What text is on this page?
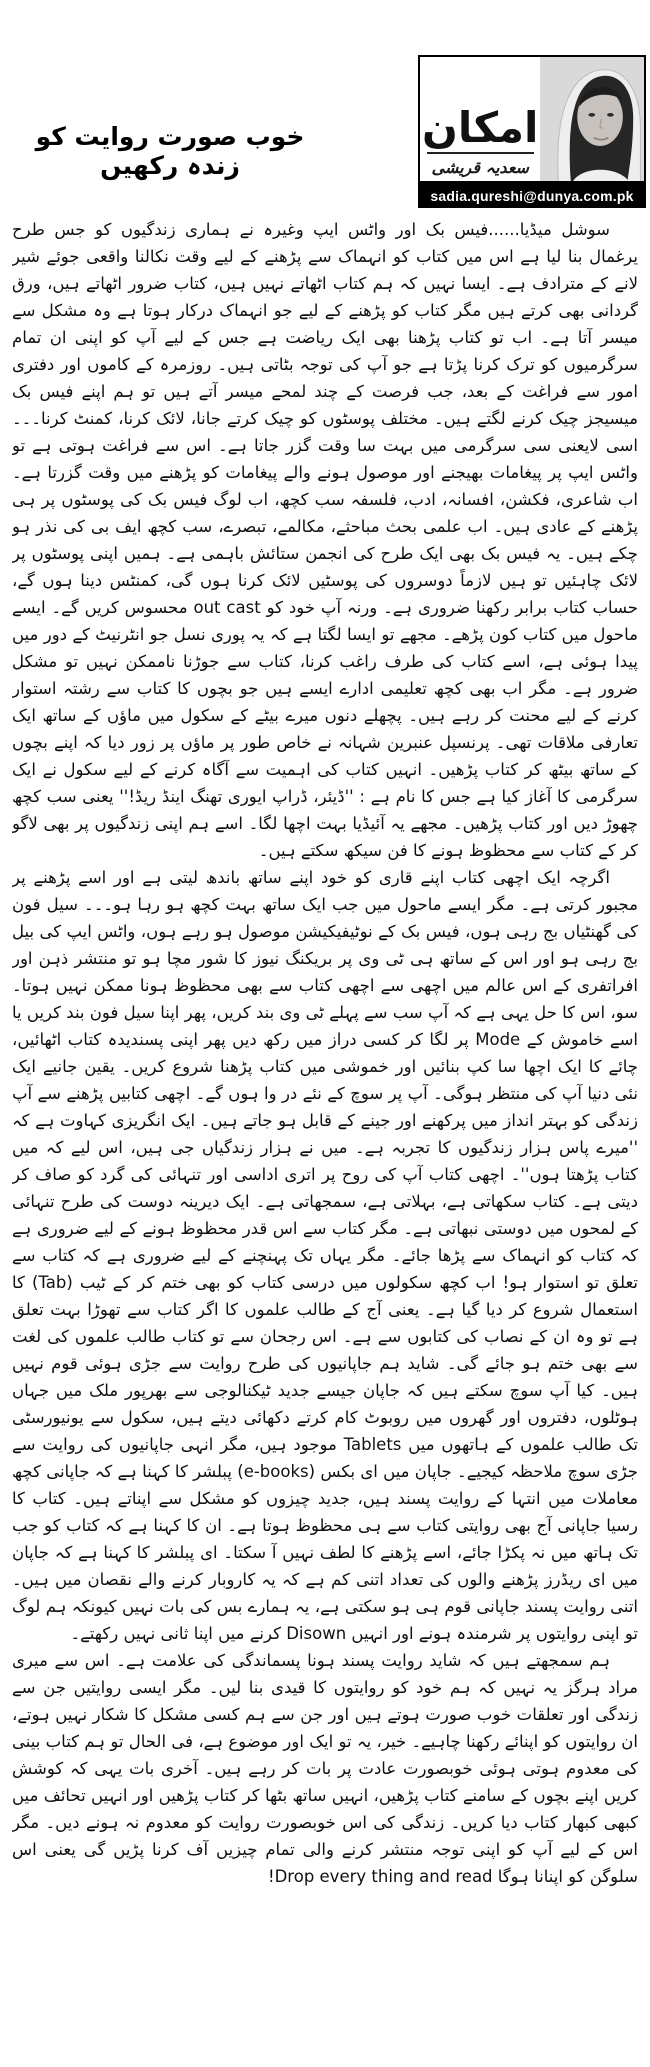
خوب صورت روایت کو زندہ رکھیں
امکان
سعدیہ قریشی
sadia.qureshi@dunya.com.pk

سوشل میڈیا......فیس بک اور واٹس ایپ وغیرہ نے ہماری زندگیوں کو جس طرح یرغمال بنا لیا ہے اس میں کتاب کو انہماک سے پڑھنے کے لیے وقت نکالنا واقعی جوئے شیر لانے کے مترادف ہے۔ ایسا نہیں کہ ہم کتاب اٹھاتے نہیں ہیں، کتاب ضرور اٹھاتے ہیں، ورق گردانی بھی کرتے ہیں مگر کتاب کو پڑھنے کے لیے جو انہماک درکار ہوتا ہے وہ مشکل سے میسر آتا ہے۔ اب تو کتاب پڑھنا بھی ایک ریاضت ہے جس کے لیے آپ کو اپنی ان تمام سرگرمیوں کو ترک کرنا پڑتا ہے جو آپ کی توجہ بٹاتی ہیں۔ روزمرہ کے کاموں اور دفتری امور سے فراغت کے بعد، جب فرصت کے چند لمحے میسر آتے ہیں تو ہم اپنے فیس بک میسیجز چیک کرنے لگتے ہیں۔ مختلف پوسٹوں کو چیک کرتے جانا، لائک کرنا، کمنٹ کرنا۔۔۔ اسی لایعنی سی سرگرمی میں بہت سا وقت گزر جاتا ہے۔ اس سے فراغت ہوتی ہے تو واٹس ایپ پر پیغامات بھیجنے اور موصول ہونے والے پیغامات کو پڑھنے میں وقت گزرتا ہے۔ اب شاعری، فکشن، افسانہ، ادب، فلسفہ سب کچھ، اب لوگ فیس بک کی پوسٹوں پر ہی پڑھنے کے عادی ہیں۔ اب علمی بحث مباحثے، مکالمے، تبصرے، سب کچھ ایف بی کی نذر ہو چکے ہیں۔ یہ فیس بک بھی ایک طرح کی انجمن ستائش باہمی ہے۔ ہمیں اپنی پوسٹوں پر لائک چاہئیں تو ہیں لازماً دوسروں کی پوسٹیں لائک کرنا ہوں گی، کمنٹس دینا ہوں گے، حساب کتاب برابر رکھنا ضروری ہے۔ ورنہ آپ خود کو out cast محسوس کریں گے۔ ایسے ماحول میں کتاب کون پڑھے۔ مجھے تو ایسا لگتا ہے کہ یہ پوری نسل جو انٹرنیٹ کے دور میں پیدا ہوئی ہے، اسے کتاب کی طرف راغب کرنا، کتاب سے جوڑنا ناممکن نہیں تو مشکل ضرور ہے۔ مگر اب بھی کچھ تعلیمی ادارے ایسے ہیں جو بچوں کا کتاب سے رشتہ استوار کرنے کے لیے محنت کر رہے ہیں۔ پچھلے دنوں میرے بیٹے کے سکول میں ماؤں کے ساتھ ایک تعارفی ملاقات تھی۔ پرنسپل عنبرین شہانہ نے خاص طور پر ماؤں پر زور دیا کہ اپنے بچوں کے ساتھ بیٹھ کر کتاب پڑھیں۔ انہیں کتاب کی اہمیت سے آگاہ کرنے کے لیے سکول نے ایک سرگرمی کا آغاز کیا ہے جس کا نام ہے : ''ڈیئر، ڈراپ ایوری تھنگ اینڈ ریڈ!'' یعنی سب کچھ چھوڑ دیں اور کتاب پڑھیں۔ مجھے یہ آئیڈیا بہت اچھا لگا۔ اسے ہم اپنی زندگیوں پر بھی لاگو کر کے کتاب سے محظوظ ہونے کا فن سیکھ سکتے ہیں۔

اگرچہ ایک اچھی کتاب اپنے قاری کو خود اپنے ساتھ باندھ لیتی ہے اور اسے پڑھنے پر مجبور کرتی ہے۔ مگر ایسے ماحول میں جب ایک ساتھ بہت کچھ ہو رہا ہو۔۔۔ سیل فون کی گھنٹیاں بج رہی ہوں، فیس بک کے نوٹیفیکیشن موصول ہو رہے ہوں، واٹس ایپ کی بیل بج رہی ہو اور اس کے ساتھ ہی ٹی وی پر بریکنگ نیوز کا شور مچا ہو تو منتشر ذہن اور افراتفری کے اس عالم میں اچھی سے اچھی کتاب سے بھی محظوظ ہونا ممکن نہیں ہوتا۔ سو، اس کا حل یہی ہے کہ آپ سب سے پہلے ٹی وی بند کریں، پھر اپنا سیل فون بند کریں یا اسے خاموش کے Mode پر لگا کر کسی دراز میں رکھ دیں پھر اپنی پسندیدہ کتاب اٹھائیں، چائے کا ایک اچھا سا کپ بنائیں اور خموشی میں کتاب پڑھنا شروع کریں۔ یقین جانیے ایک نئی دنیا آپ کی منتظر ہوگی۔ آپ پر سوچ کے نئے در وا ہوں گے۔ اچھی کتابیں پڑھنے سے آپ زندگی کو بہتر انداز میں پرکھنے اور جینے کے قابل ہو جاتے ہیں۔ ایک انگریزی کہاوت ہے کہ ''میرے پاس ہزار زندگیوں کا تجربہ ہے۔ میں نے ہزار زندگیاں جی ہیں، اس لیے کہ میں کتاب پڑھتا ہوں''۔ اچھی کتاب آپ کی روح پر اتری اداسی اور تنہائی کی گرد کو صاف کر دیتی ہے۔ کتاب سکھاتی ہے، بہلاتی ہے، سمجھاتی ہے۔ ایک دیرینہ دوست کی طرح تنہائی کے لمحوں میں دوستی نبھاتی ہے۔ مگر کتاب سے اس قدر محظوظ ہونے کے لیے ضروری ہے کہ کتاب کو انہماک سے پڑھا جائے۔ مگر یہاں تک پہنچنے کے لیے ضروری ہے کہ کتاب سے تعلق تو استوار ہو! اب کچھ سکولوں میں درسی کتاب کو بھی ختم کر کے ٹیب (Tab) کا استعمال شروع کر دیا گیا ہے۔ یعنی آج کے طالب علموں کا اگر کتاب سے تھوڑا بہت تعلق ہے تو وہ ان کے نصاب کی کتابوں سے ہے۔ اس رجحان سے تو کتاب طالب علموں کی لغت سے بھی ختم ہو جائے گی۔ شاید ہم جاپانیوں کی طرح روایت سے جڑی ہوئی قوم نہیں ہیں۔ کیا آپ سوچ سکتے ہیں کہ جاپان جیسے جدید ٹیکنالوجی سے بھرپور ملک میں جہاں ہوٹلوں، دفتروں اور گھروں میں روبوٹ کام کرتے دکھائی دیتے ہیں، سکول سے یونیورسٹی تک طالب علموں کے ہاتھوں میں Tablets موجود ہیں، مگر انہی جاپانیوں کی روایت سے جڑی سوچ ملاحظہ کیجیے۔ جاپان میں ای بکس (e-books) پبلشر کا کہنا ہے کہ جاپانی کچھ معاملات میں انتہا کے روایت پسند ہیں، جدید چیزوں کو مشکل سے اپناتے ہیں۔ کتاب کا رسیا جاپانی آج بھی روایتی کتاب سے ہی محظوظ ہوتا ہے۔ ان کا کہنا ہے کہ کتاب کو جب تک ہاتھ میں نہ پکڑا جائے، اسے پڑھنے کا لطف نہیں آ سکتا۔ ای پبلشر کا کہنا ہے کہ جاپان میں ای ریڈرز پڑھنے والوں کی تعداد اتنی کم ہے کہ یہ کاروبار کرنے والے نقصان میں ہیں۔ اتنی روایت پسند جاپانی قوم ہی ہو سکتی ہے، یہ ہمارے بس کی بات نہیں کیونکہ ہم لوگ تو اپنی روایتوں پر شرمندہ ہونے اور انہیں Disown کرنے میں اپنا ثانی نہیں رکھتے۔

ہم سمجھتے ہیں کہ شاید روایت پسند ہونا پسماندگی کی علامت ہے۔ اس سے میری مراد ہرگز یہ نہیں کہ ہم خود کو روایتوں کا قیدی بنا لیں۔ مگر ایسی روایتیں جن سے زندگی اور تعلقات خوب صورت ہوتے ہیں اور جن سے ہم کسی مشکل کا شکار نہیں ہوتے، ان روایتوں کو اپنائے رکھنا چاہیے۔ خیر، یہ تو ایک اور موضوع ہے، فی الحال تو ہم کتاب بینی کی معدوم ہوتی ہوئی خوبصورت عادت پر بات کر رہے ہیں۔ آخری بات یہی کہ کوشش کریں اپنے بچوں کے سامنے کتاب پڑھیں، انہیں ساتھ بٹھا کر کتاب پڑھیں اور انہیں تحائف میں کبھی کبھار کتاب دیا کریں۔ زندگی کی اس خوبصورت روایت کو معدوم نہ ہونے دیں۔ مگر اس کے لیے آپ کو اپنی توجہ منتشر کرنے والی تمام چیزیں آف کرنا پڑیں گی یعنی اس سلوگن کو اپنانا ہوگا Drop every thing and read!
